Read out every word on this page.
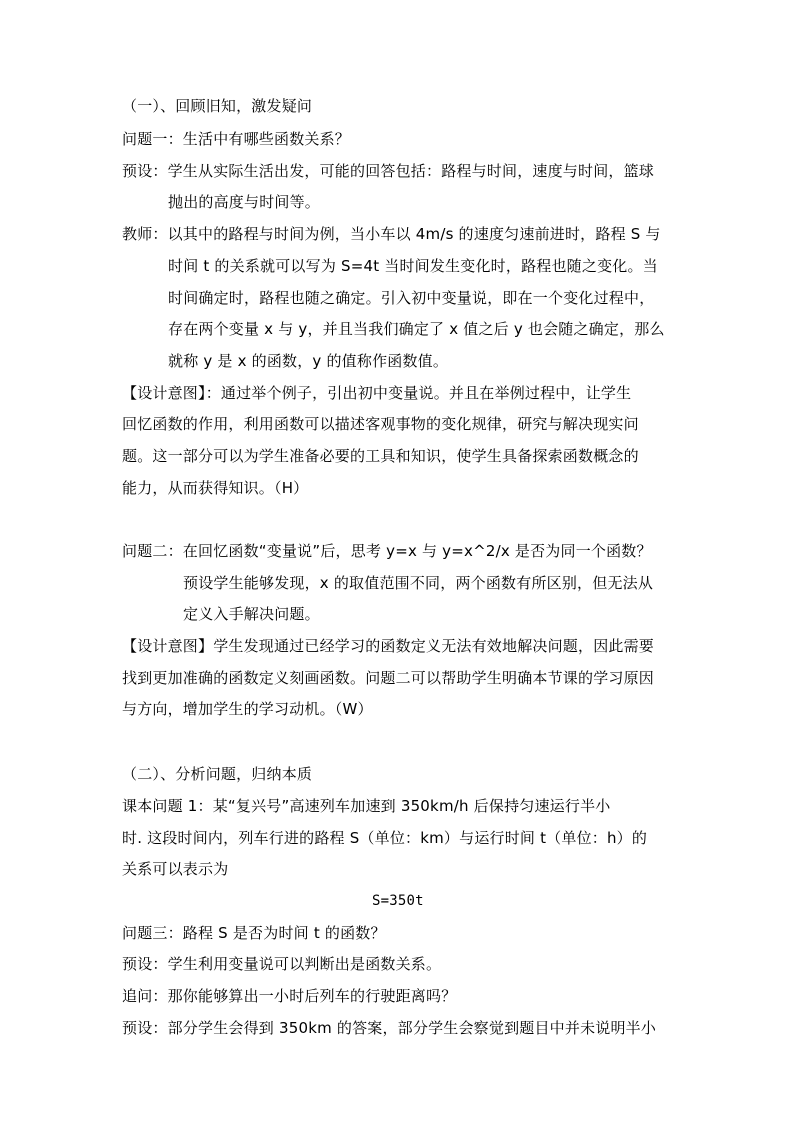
（一）、回顾旧知，激发疑问
问题一：生活中有哪些函数关系？
预设：学生从实际生活出发，可能的回答包括：路程与时间，速度与时间，篮球
抛出的高度与时间等。
教师：以其中的路程与时间为例，当小车以 4m/s 的速度匀速前进时，路程 S 与
时间 t 的关系就可以写为 S=4t 当时间发生变化时，路程也随之变化。当
时间确定时，路程也随之确定。引入初中变量说，即在一个变化过程中，
存在两个变量 x 与 y，并且当我们确定了 x 值之后 y 也会随之确定，那么
就称 y 是 x 的函数，y 的值称作函数值。
【设计意图】：通过举个例子，引出初中变量说。并且在举例过程中，让学生
回忆函数的作用，利用函数可以描述客观事物的变化规律，研究与解决现实问
题。这一部分可以为学生准备必要的工具和知识，使学生具备探索函数概念的
能力，从而获得知识。（H）
问题二：在回忆函数“变量说”后，思考 y=x 与 y=x^2/x 是否为同一个函数？
预设学生能够发现，x 的取值范围不同，两个函数有所区别，但无法从
定义入手解决问题。
【设计意图】学生发现通过已经学习的函数定义无法有效地解决问题，因此需要
找到更加准确的函数定义刻画函数。问题二可以帮助学生明确本节课的学习原因
与方向，增加学生的学习动机。（W）
（二）、分析问题，归纳本质
课本问题 1：某“复兴号”高速列车加速到 350km/h 后保持匀速运行半小
时. 这段时间内，列车行进的路程 S（单位：km）与运行时间 t（单位：h）的
关系可以表示为
S=350t
问题三：路程 S 是否为时间 t 的函数？
预设：学生利用变量说可以判断出是函数关系。
追问：那你能够算出一小时后列车的行驶距离吗？
预设：部分学生会得到 350km 的答案，部分学生会察觉到题目中并未说明半小
